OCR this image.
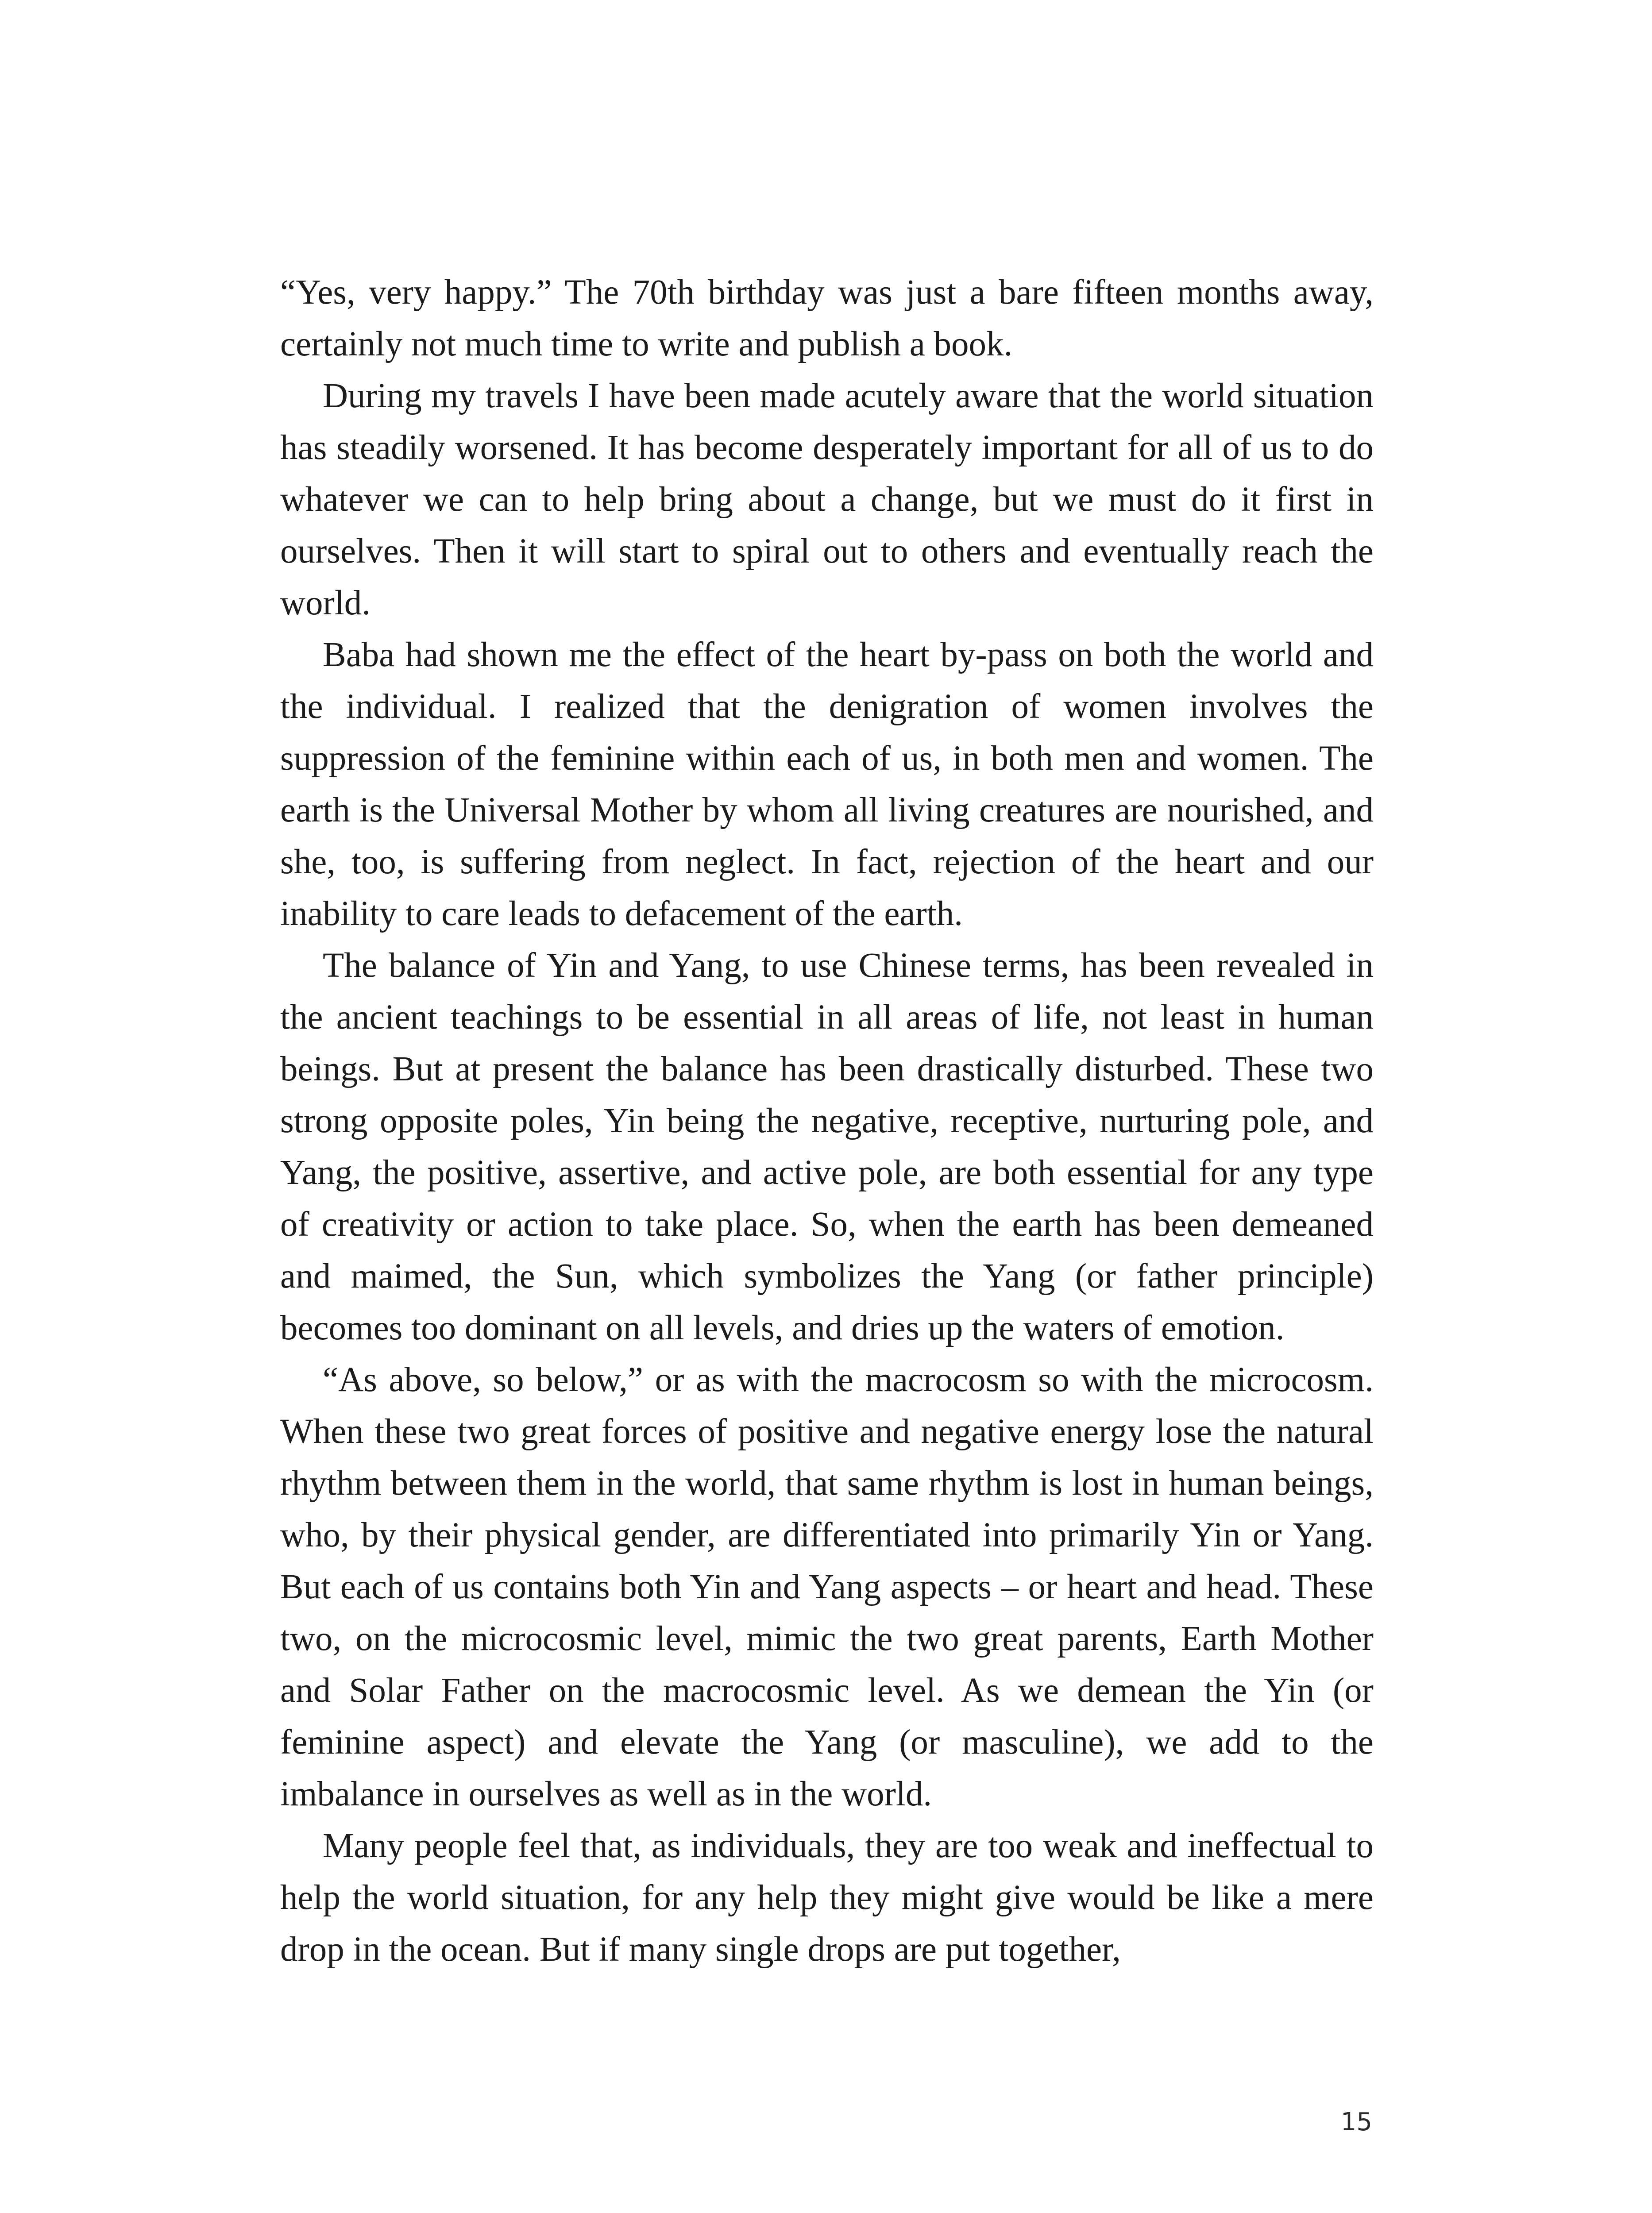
“Yes, very happy.” The 70th birthday was just a bare fifteen months away, certainly not much time to write and publish a book.

During my travels I have been made acutely aware that the world situation has steadily worsened. It has become desperately important for all of us to do whatever we can to help bring about a change, but we must do it first in ourselves. Then it will start to spiral out to others and eventually reach the world.

Baba had shown me the effect of the heart by-pass on both the world and the individual. I realized that the denigration of women involves the suppression of the feminine within each of us, in both men and women. The earth is the Universal Mother by whom all living creatures are nourished, and she, too, is suffering from neglect. In fact, rejection of the heart and our inability to care leads to defacement of the earth.

The balance of Yin and Yang, to use Chinese terms, has been revealed in the ancient teachings to be essential in all areas of life, not least in human beings. But at present the balance has been drastically disturbed. These two strong opposite poles, Yin being the negative, receptive, nurturing pole, and Yang, the positive, assertive, and active pole, are both essential for any type of creativity or action to take place. So, when the earth has been demeaned and maimed, the Sun, which symbolizes the Yang (or father principle) becomes too dominant on all levels, and dries up the waters of emotion.

“As above, so below,” or as with the macrocosm so with the microcosm. When these two great forces of positive and negative energy lose the natural rhythm between them in the world, that same rhythm is lost in human beings, who, by their physical gender, are differentiated into primarily Yin or Yang. But each of us contains both Yin and Yang aspects – or heart and head. These two, on the microcosmic level, mimic the two great parents, Earth Mother and Solar Father on the macrocosmic level. As we demean the Yin (or feminine aspect) and elevate the Yang (or masculine), we add to the imbalance in ourselves as well as in the world.

Many people feel that, as individuals, they are too weak and ineffectual to help the world situation, for any help they might give would be like a mere drop in the ocean. But if many single drops are put together,

15
